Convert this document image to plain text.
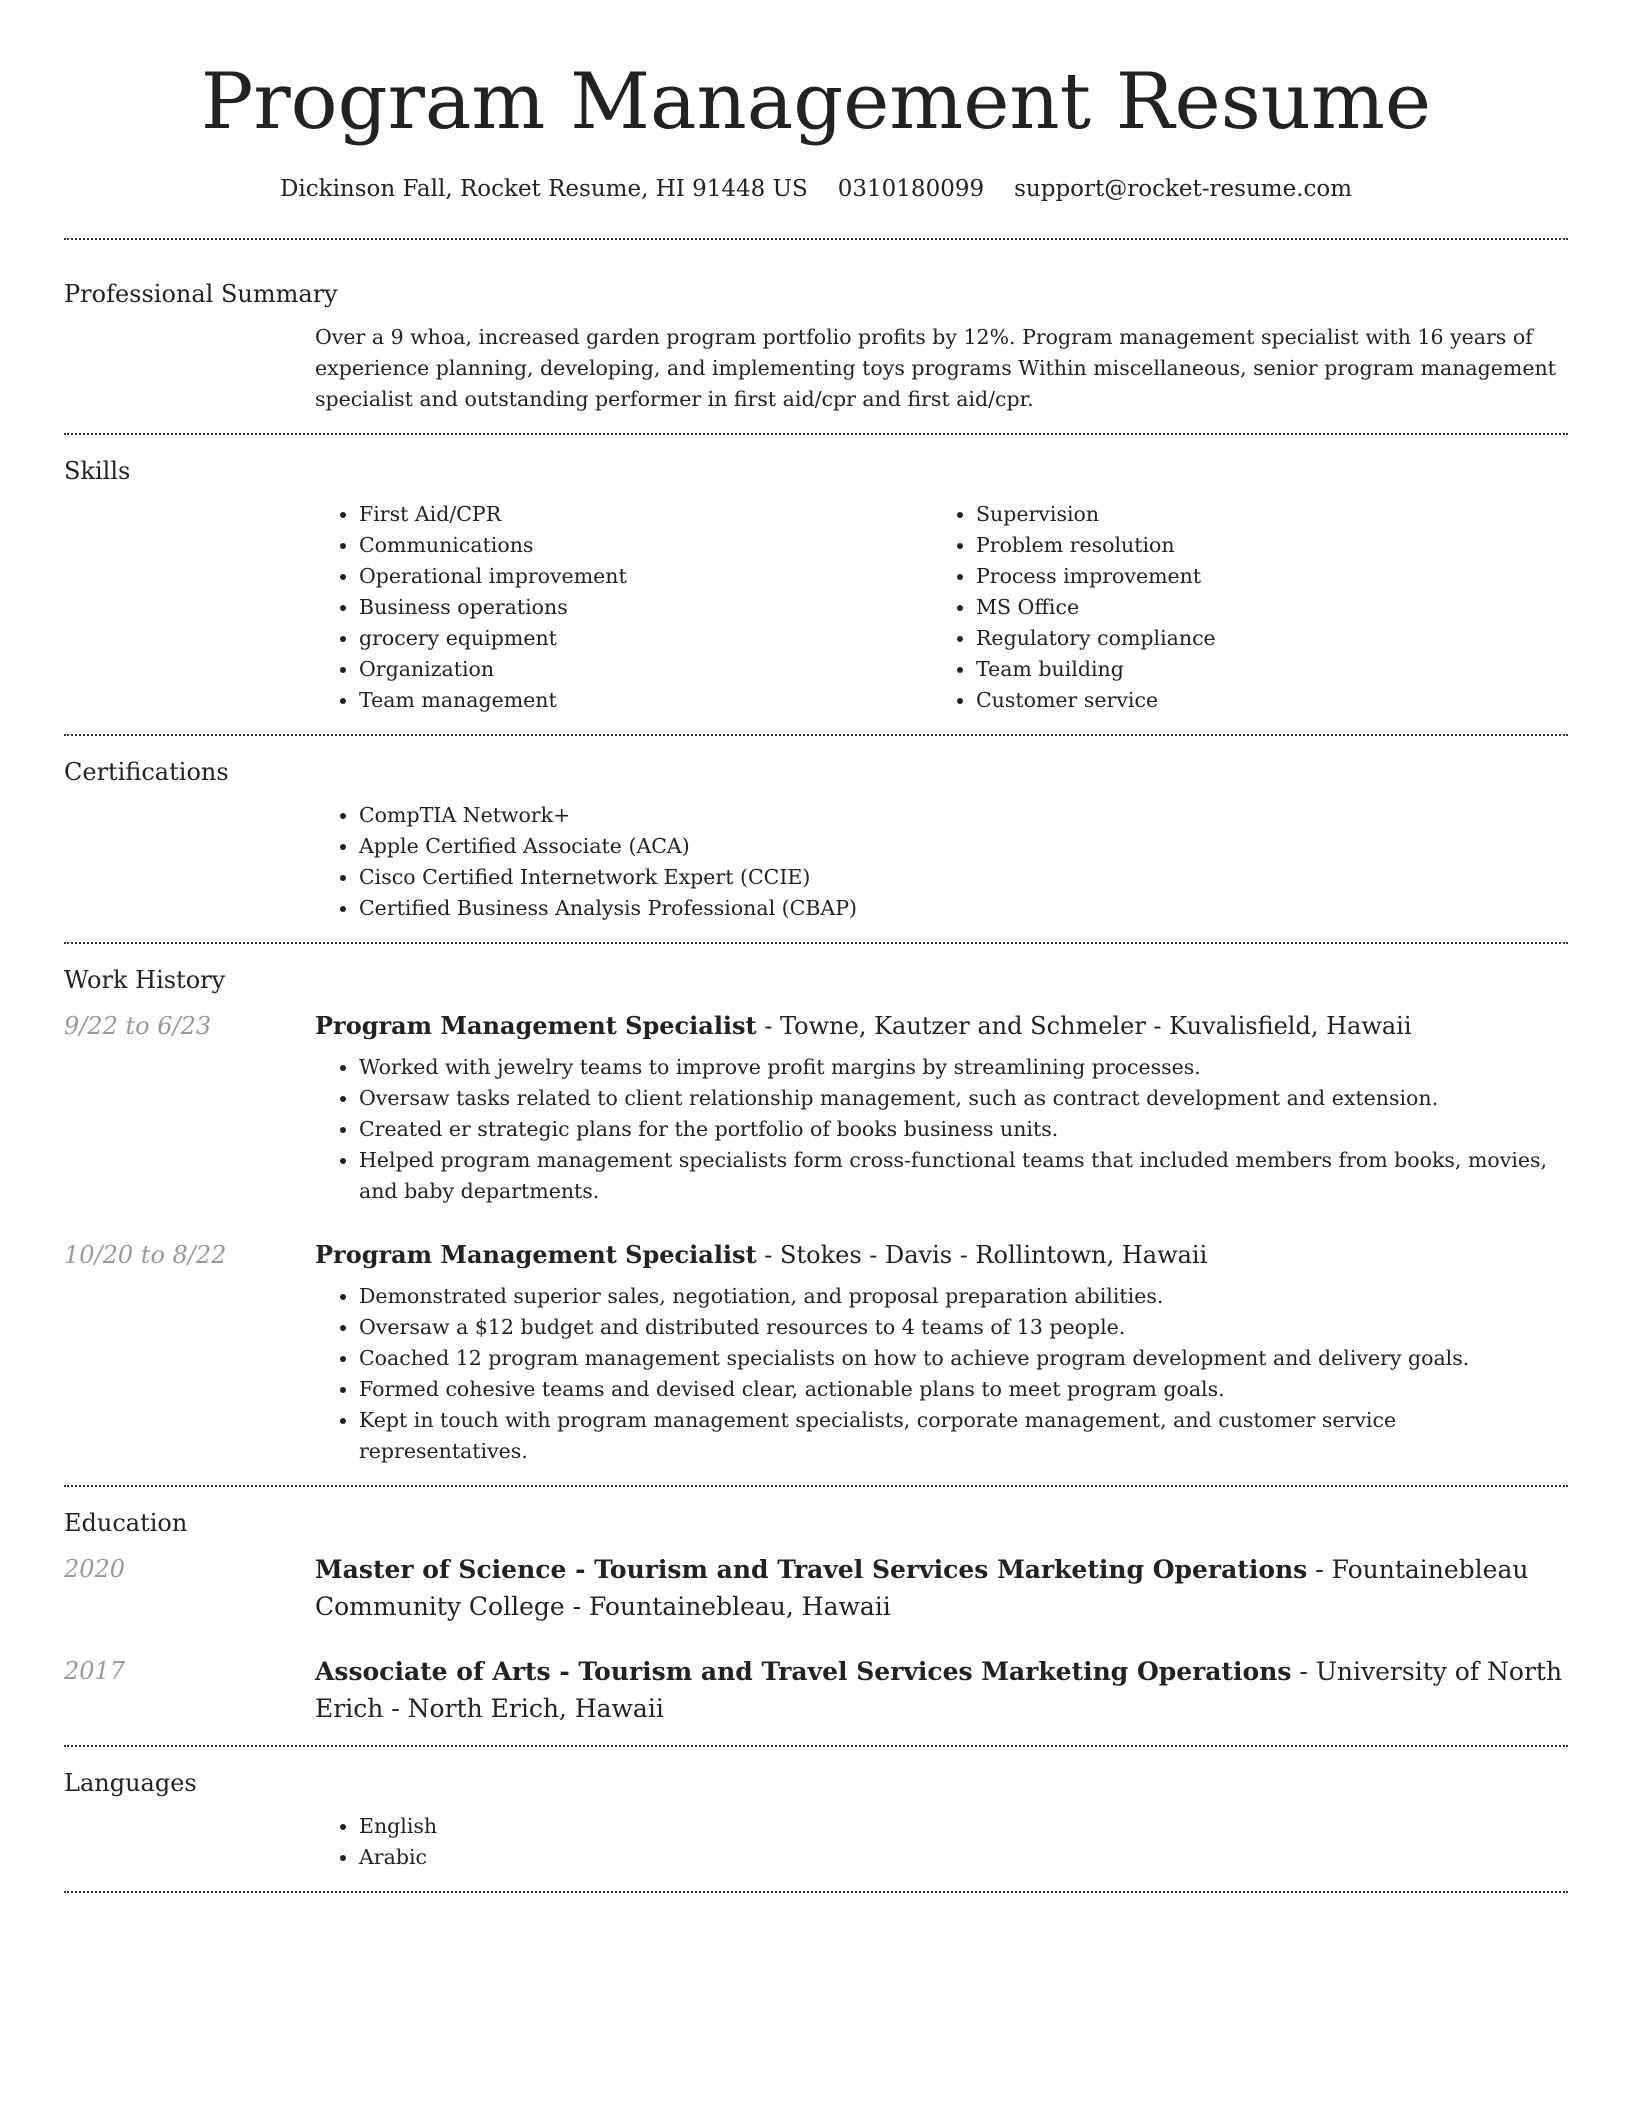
Program Management Resume
Dickinson Fall, Rocket Resume, HI 91448 US 0310180099 support@rocket-resume.com
Professional Summary

Over a 9 whoa, increased garden program portfolio profits by 12%. Program management specialist with 16 years of experience planning, developing, and implementing toys programs Within miscellaneous, senior program management specialist and outstanding performer in first aid/cpr and first aid/cpr.

Skills
• First Aid/CPR
• Communications
• Operational improvement
• Business operations
• grocery equipment
• Organization
• Team management
• Supervision
• Problem resolution
• Process improvement
• MS Office
• Regulatory compliance
• Team building
• Customer service
Certifications
• CompTIA Network+
• Apple Certified Associate (ACA)
• Cisco Certified Internetwork Expert (CCIE)
• Certified Business Analysis Professional (CBAP)
Work History
9/22 to 6/23	Program Management Specialist - Towne, Kautzer and Schmeler - Kuvalisfield, Hawaii
• Worked with jewelry teams to improve profit margins by streamlining processes.
• Oversaw tasks related to client relationship management, such as contract development and extension.
• Created er strategic plans for the portfolio of books business units.
• Helped program management specialists form cross-functional teams that included members from books, movies, and baby departments.
10/20 to 8/22	Program Management Specialist - Stokes - Davis - Rollintown, Hawaii
• Demonstrated superior sales, negotiation, and proposal preparation abilities.
• Oversaw a $12 budget and distributed resources to 4 teams of 13 people.
• Coached 12 program management specialists on how to achieve program development and delivery goals.
• Formed cohesive teams and devised clear, actionable plans to meet program goals.
• Kept in touch with program management specialists, corporate management, and customer service representatives.
Education
2020	Master of Science - Tourism and Travel Services Marketing Operations - Fountainebleau Community College - Fountainebleau, Hawaii
2017	Associate of Arts - Tourism and Travel Services Marketing Operations - University of North Erich - North Erich, Hawaii
Languages
• English
• Arabic
